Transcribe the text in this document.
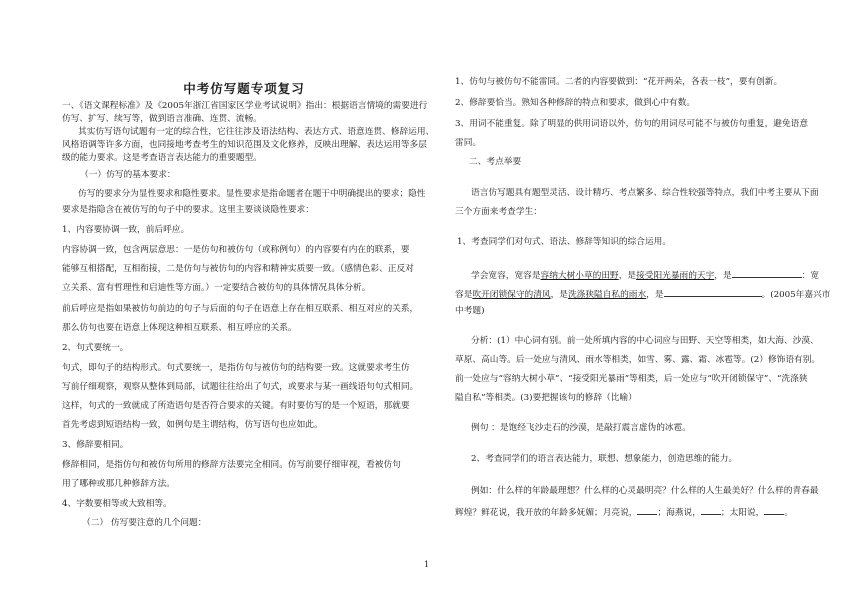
中考仿写题专项复习
一、《语文课程标准》及《2005年浙江省国家区学业考试说明》指出：根据语言情境的需要进行
仿写、扩写、续写等，做到语言准确、连贯、流畅。
其实仿写语句试题有一定的综合性，它往往涉及语法结构、表达方式、语意连贯、修辞运用、
风格语调等许多方面，也同接地考查考生的知识范围及文化修养，反映出理解、表达运用等多层
级的能力要求。这是考查语言表达能力的重要题型。
（一）仿写的基本要求：
仿写的要求分为显性要求和隐性要求。显性要求是指命题者在题干中明确提出的要求；隐性
要求是指隐含在被仿写的句子中的要求。这里主要谈谈隐性要求：
1、内容要协调一致，前后呼应。
内容协调一致，包含两层意思：一是仿句和被仿句（或称例句）的内容要有内在的联系，要
能够互相搭配，互相衔接，二是仿句与被仿句的内容和精神实质要一致。（感情色彩、正反对
立关系、富有哲理性和启迪性等方面。）一定要结合被仿句的具体情况具体分析。
前后呼应是指如果被仿句前边的句子与后面的句子在语意上存在相互联系、相互对应的关系，
那么仿句也要在语意上体现这种相互联系、相互呼应的关系。
2、句式要统一。
句式，即句子的结构形式。句式要统一，是指仿句与被仿句的结构要一致。这就要求考生仿
写前仔细观察，观察从整体到局部，试题往往给出了句式，或要求与某一画线语句句式相同。
这样，句式的一致就成了所造语句是否符合要求的关键。有时要仿写的是一个短语，那就要
首先考虑到短语结构一致，如例句是主谓结构，仿写语句也应如此。
3、修辞要相同。
修辞相同，是指仿句和被仿句所用的修辞方法要完全相同。仿写前要仔细审视，看被仿句
用了哪种或那几种修辞方法。
4、字数要相等或大致相等。
（二） 仿写要注意的几个问题：
1、仿句与被仿句不能雷同。二者的内容要做到：“花开两朵，各表一枝”，要有创新。
2、修辞要恰当。熟知各种修辞的特点和要求，做到心中有数。
3、用词不能重复。除了明显的供用词语以外，仿句的用词尽可能不与被仿句重复，避免语意
雷同。
二、考点举要
语言仿写题具有题型灵活、设计精巧、考点繁多、综合性较强等特点，我们中考主要从下面
三个方面来考查学生：
1、考查同学们对句式、语法、修辞等知识的综合运用。
学会宽容，宽容是容纳大树小草的田野，是接受阳光暴雨的天宇，是	：宽
容是吹开闭锁保守的清风，是洗涤狭隘自私的雨水，是	。(2005年嘉兴市
中考题)
分析：(1）中心词有别。前一处所填内容的中心词应与田野、天空等相类，如大海、沙漠、
草原、高山等。后一处应与清风、雨水等相类，如雪、雾、露、霜、冰雹等。(2）修饰语有别。
前一处应与“容纳大树小草”、“接受阳光暴雨”等相类，后一处应与“吹开闭锁保守”、“洗涤狭
隘自私”等相类。(3)要把握该句的修辞（比喻）
例句 ：是饱经飞沙走石的沙漠，是敲打震言虚伪的冰雹。
2、考查同学们的语言表达能力，联想、想象能力，创造思维的能力。
例如：什么样的年龄最理想？什么样的心灵最明亮？什么样的人生最美好？什么样的青春最
辉煌？鲜花说，我开放的年龄多妩媚；月亮说， ；海燕说， ；太阳说， 。
1
